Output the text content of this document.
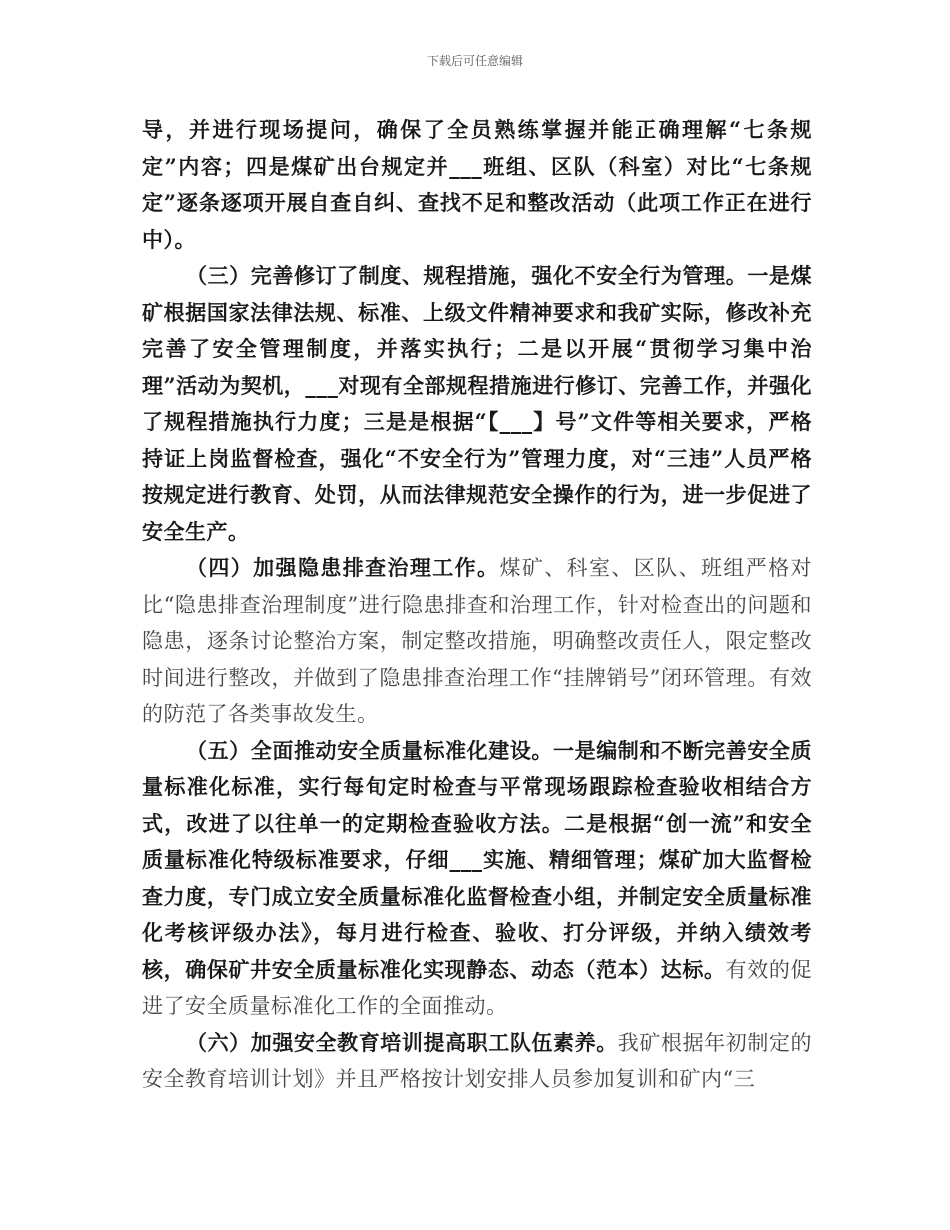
下载后可任意编辑

导，并进行现场提问，确保了全员熟练掌握并能正确理解“七条规定”内容；四是煤矿出台规定并___班组、区队（科室）对比“七条规定”逐条逐项开展自查自纠、查找不足和整改活动（此项工作正在进行中）。

（三）完善修订了制度、规程措施，强化不安全行为管理。一是煤矿根据国家法律法规、标准、上级文件精神要求和我矿实际，修改补充完善了安全管理制度，并落实执行；二是以开展“贯彻学习集中治理”活动为契机，___对现有全部规程措施进行修订、完善工作，并强化了规程措施执行力度；三是是根据“【___】号”文件等相关要求，严格持证上岗监督检查，强化“不安全行为”管理力度，对“三违”人员严格按规定进行教育、处罚，从而法律规范安全操作的行为，进一步促进了安全生产。

（四）加强隐患排查治理工作。煤矿、科室、区队、班组严格对比“隐患排查治理制度”进行隐患排查和治理工作，针对检查出的问题和隐患，逐条讨论整治方案，制定整改措施，明确整改责任人，限定整改时间进行整改，并做到了隐患排查治理工作“挂牌销号”闭环管理。有效的防范了各类事故发生。

（五）全面推动安全质量标准化建设。一是编制和不断完善安全质量标准化标准，实行每旬定时检查与平常现场跟踪检查验收相结合方式，改进了以往单一的定期检查验收方法。二是根据“创一流”和安全质量标准化特级标准要求，仔细___实施、精细管理；煤矿加大监督检查力度，专门成立安全质量标准化监督检查小组，并制定安全质量标准化考核评级办法》，每月进行检查、验收、打分评级，并纳入绩效考核，确保矿井安全质量标准化实现静态、动态（范本）达标。有效的促进了安全质量标准化工作的全面推动。

（六）加强安全教育培训提高职工队伍素养。我矿根据年初制定的安全教育培训计划》并且严格按计划安排人员参加复训和矿内“三
